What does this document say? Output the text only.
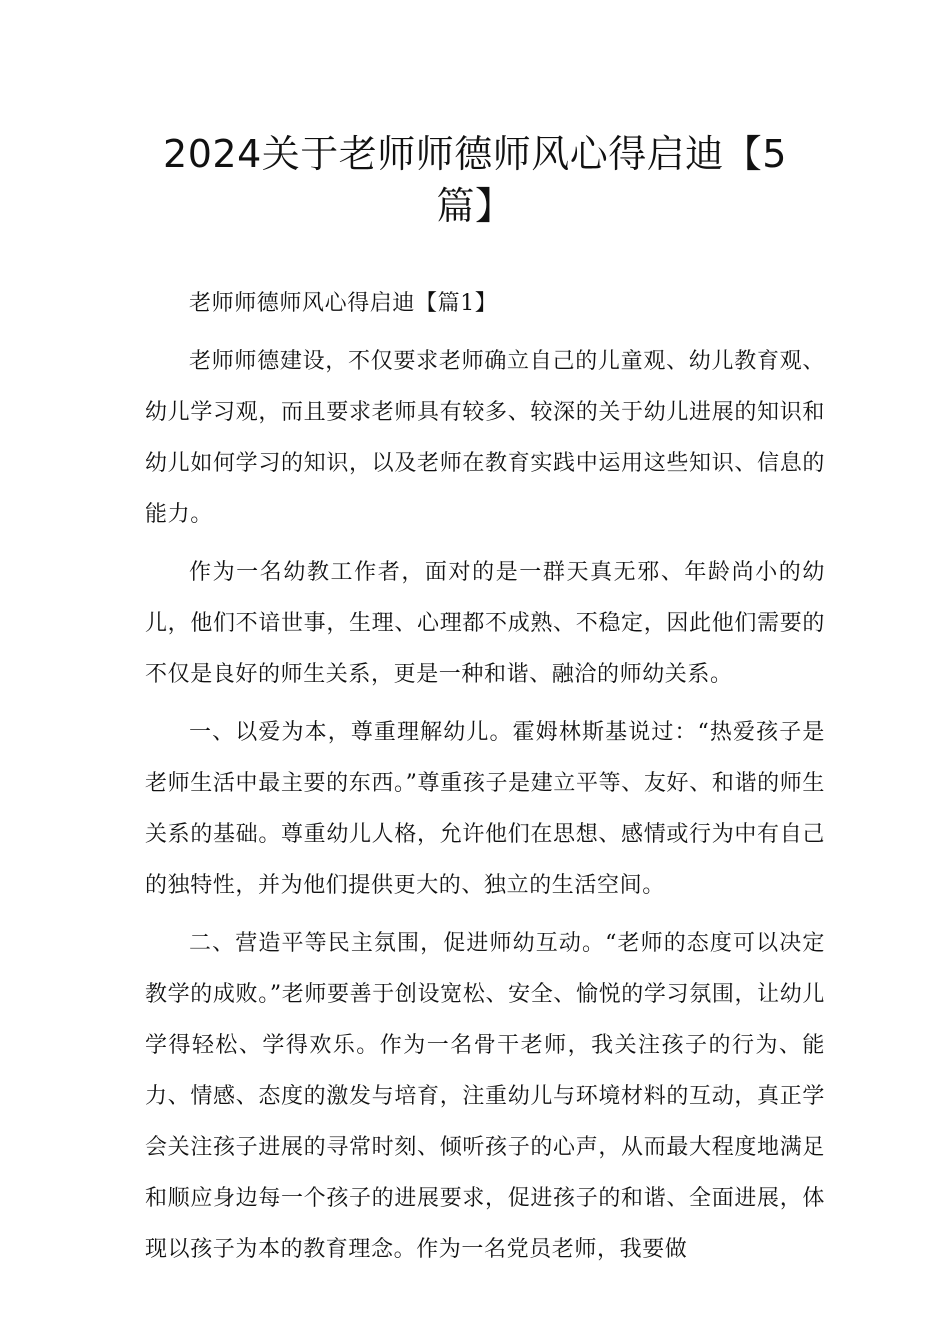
2024关于老师师德师风心得启迪【5篇】

老师师德师风心得启迪【篇1】

老师师德建设，不仅要求老师确立自己的儿童观、幼儿教育观、幼儿学习观，而且要求老师具有较多、较深的关于幼儿进展的知识和幼儿如何学习的知识，以及老师在教育实践中运用这些知识、信息的能力。

作为一名幼教工作者，面对的是一群天真无邪、年龄尚小的幼儿，他们不谙世事，生理、心理都不成熟、不稳定，因此他们需要的不仅是良好的师生关系，更是一种和谐、融洽的师幼关系。

一、以爱为本，尊重理解幼儿。霍姆林斯基说过：“热爱孩子是老师生活中最主要的东西。”尊重孩子是建立平等、友好、和谐的师生关系的基础。尊重幼儿人格，允许他们在思想、感情或行为中有自己的独特性，并为他们提供更大的、独立的生活空间。

二、营造平等民主氛围，促进师幼互动。“老师的态度可以决定教学的成败。”老师要善于创设宽松、安全、愉悦的学习氛围，让幼儿学得轻松、学得欢乐。作为一名骨干老师，我关注孩子的行为、能力、情感、态度的激发与培育，注重幼儿与环境材料的互动，真正学会关注孩子进展的寻常时刻、倾听孩子的心声，从而最大程度地满足和顺应身边每一个孩子的进展要求，促进孩子的和谐、全面进展，体现以孩子为本的教育理念。作为一名党员老师，我要做
